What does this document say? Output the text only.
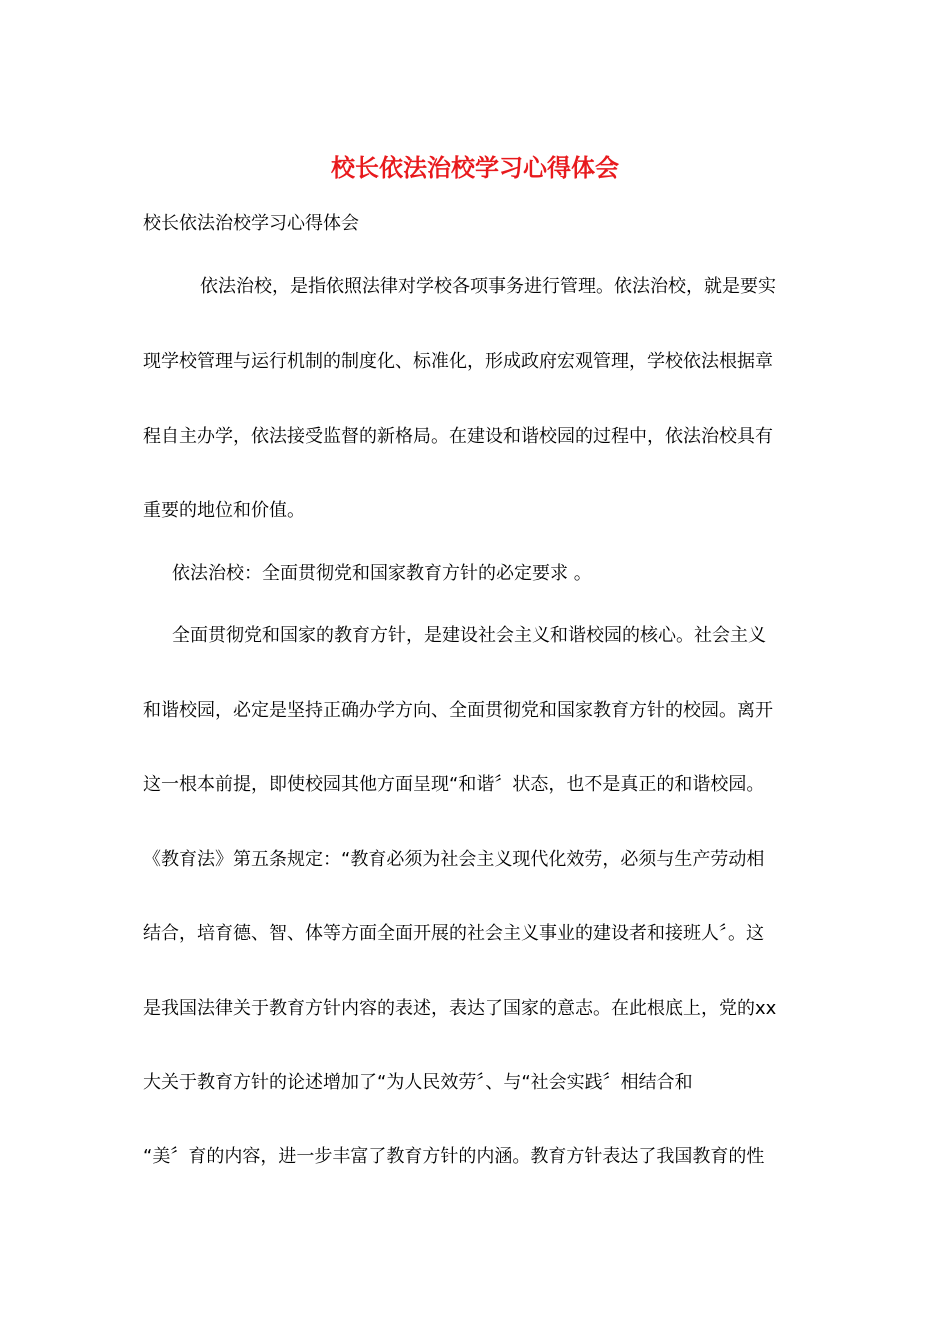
校长依法治校学习心得体会
校长依法治校学习心得体会
依法治校，是指依照法律对学校各项事务进行管理。依法治校，就是要实
现学校管理与运行机制的制度化、标准化，形成政府宏观管理，学校依法根据章
程自主办学，依法接受监督的新格局。在建设和谐校园的过程中，依法治校具有
重要的地位和价值。
依法治校：全面贯彻党和国家教育方针的必定要求 。
全面贯彻党和国家的教育方针，是建设社会主义和谐校园的核心。社会主义
和谐校园，必定是坚持正确办学方向、全面贯彻党和国家教育方针的校园。离开
这一根本前提，即使校园其他方面呈现“和谐〞状态，也不是真正的和谐校园。
《教育法》第五条规定：“教育必须为社会主义现代化效劳，必须与生产劳动相
结合，培育德、智、体等方面全面开展的社会主义事业的建设者和接班人〞。这
是我国法律关于教育方针内容的表述，表达了国家的意志。在此根底上，党的xx
大关于教育方针的论述增加了“为人民效劳〞、与“社会实践〞相结合和
“美〞育的内容，进一步丰富了教育方针的内涵。教育方针表达了我国教育的性
